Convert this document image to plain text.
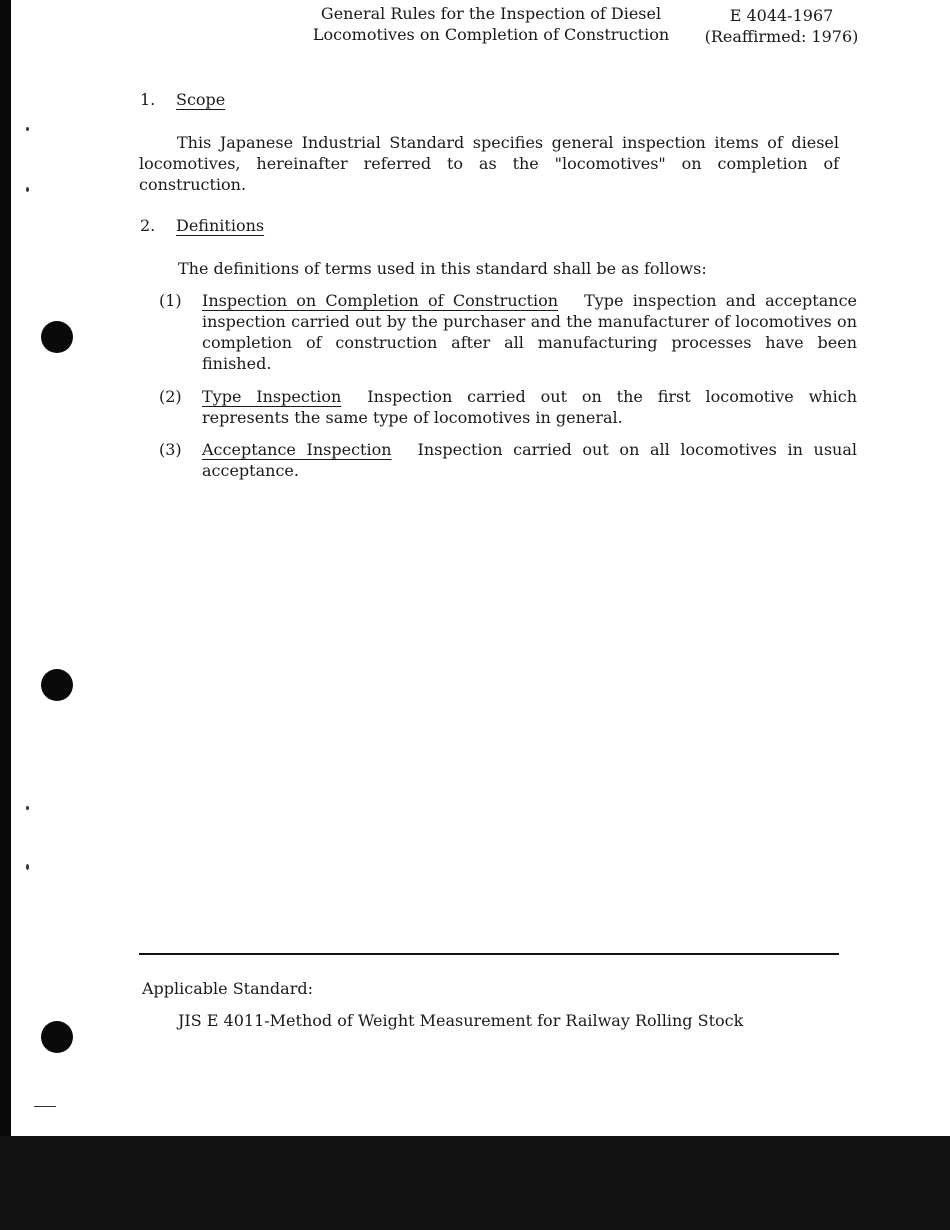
General Rules for the Inspection of Diesel
Locomotives on Completion of Construction
E 4044-1967
(Reaffirmed: 1976)
1. Scope

This Japanese Industrial Standard specifies general inspection items of diesel locomotives, hereinafter referred to as the "locomotives" on completion of construction.

2. Definitions
The definitions of terms used in this standard shall be as follows:
(1) Inspection on Completion of Construction Type inspection and acceptance inspection carried out by the purchaser and the manufacturer of locomotives on completion of construction after all manufacturing processes have been finished.
(2) Type Inspection Inspection carried out on the first locomotive which represents the same type of locomotives in general.
(3) Acceptance Inspection Inspection carried out on all locomotives in usual acceptance.
Applicable Standard:
JIS E 4011-Method of Weight Measurement for Railway Rolling Stock
